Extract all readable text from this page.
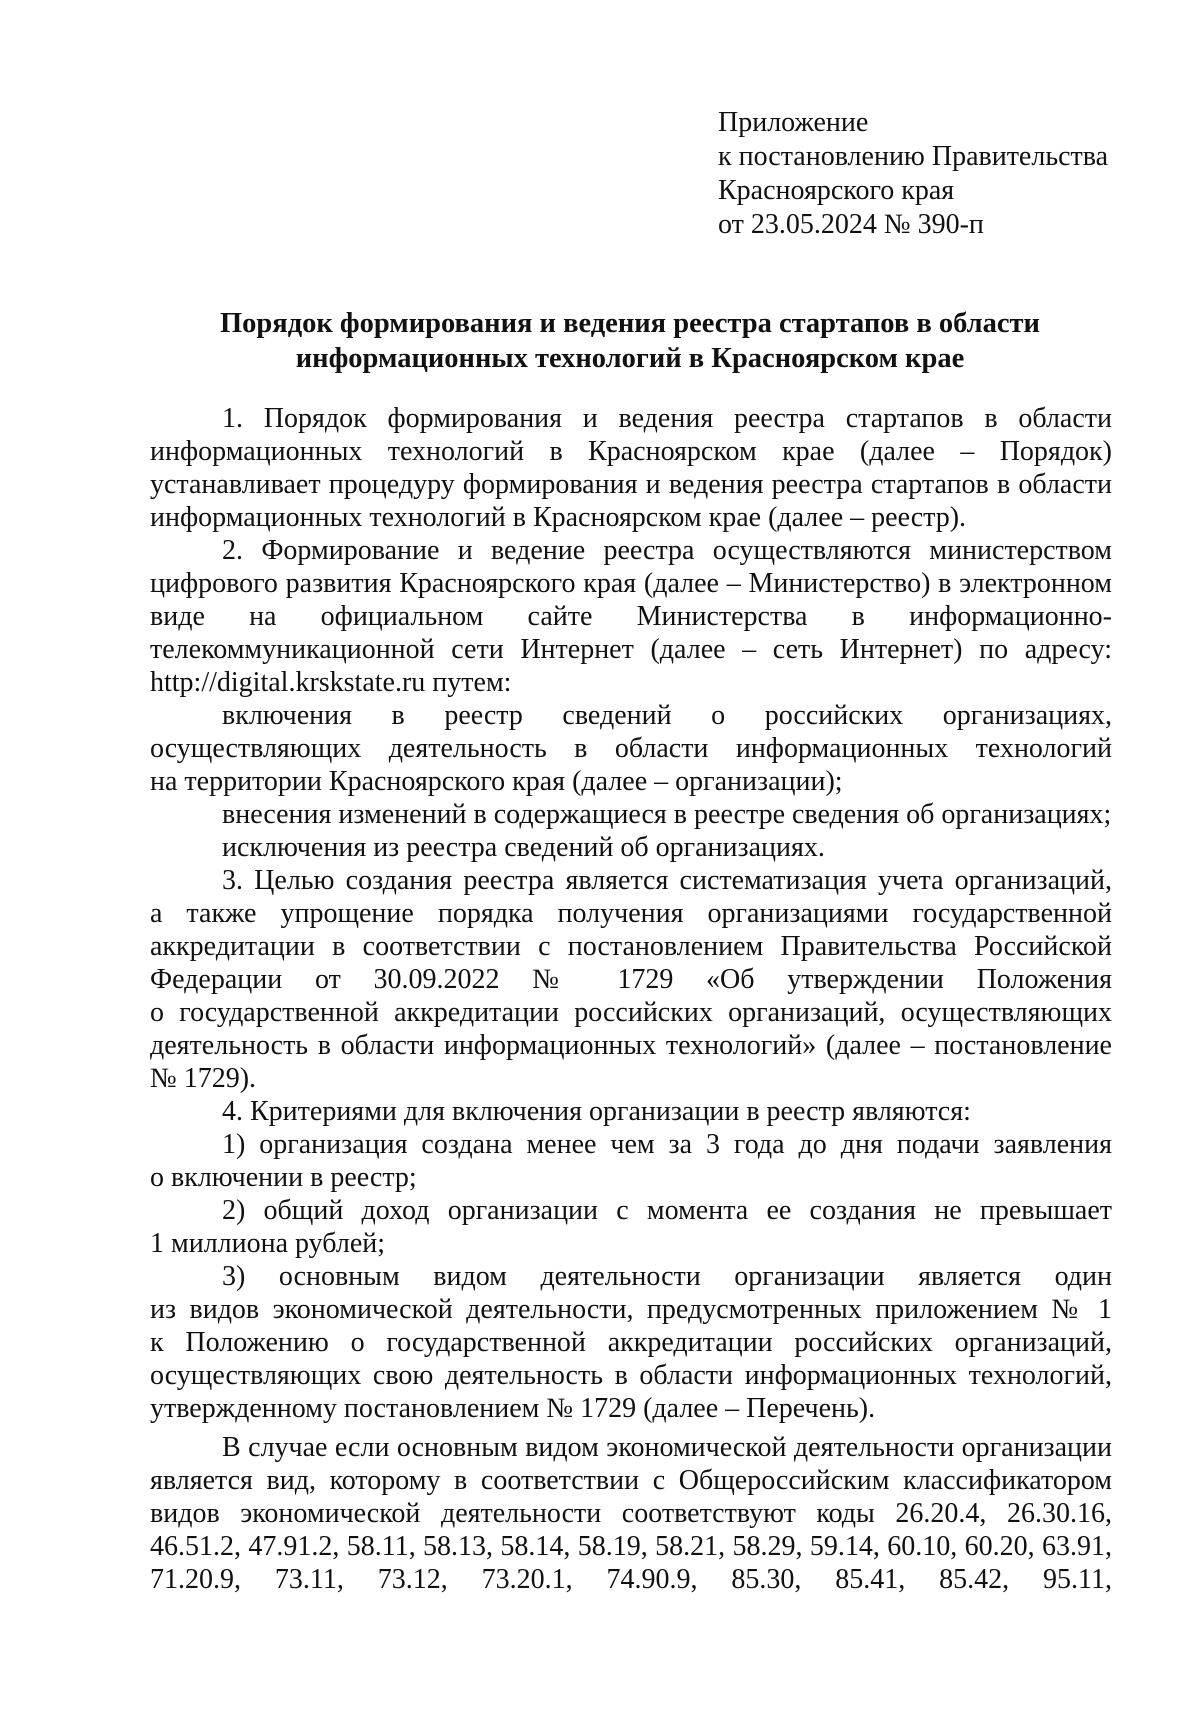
Приложение
к постановлению Правительства
Красноярского края
от 23.05.2024 № 390-п
Порядок формирования и ведения реестра стартапов в области
информационных технологий в Красноярском крае
1. Порядок формирования и ведения реестра стартапов в области
информационных технологий в Красноярском крае (далее – Порядок)
устанавливает процедуру формирования и ведения реестра стартапов в области
информационных технологий в Красноярском крае (далее – реестр).
2. Формирование и ведение реестра осуществляются министерством
цифрового развития Красноярского края (далее – Министерство) в электронном
виде на официальном сайте Министерства в информационно-
телекоммуникационной сети Интернет (далее – сеть Интернет) по адресу:
http://digital.krskstate.ru путем:
включения в реестр сведений о российских организациях,
осуществляющих деятельность в области информационных технологий
на территории Красноярского края (далее – организации);
внесения изменений в содержащиеся в реестре сведения об организациях;
исключения из реестра сведений об организациях.
3. Целью создания реестра является систематизация учета организаций,
а также упрощение порядка получения организациями государственной
аккредитации в соответствии с постановлением Правительства Российской
Федерации от 30.09.2022 № 1729 «Об утверждении Положения
о государственной аккредитации российских организаций, осуществляющих
деятельность в области информационных технологий» (далее – постановление
№ 1729).
4. Критериями для включения организации в реестр являются:
1) организация создана менее чем за 3 года до дня подачи заявления
о включении в реестр;
2) общий доход организации с момента ее создания не превышает
1 миллиона рублей;
3) основным видом деятельности организации является один
из видов экономической деятельности, предусмотренных приложением № 1
к Положению о государственной аккредитации российских организаций,
осуществляющих свою деятельность в области информационных технологий,
утвержденному постановлением № 1729 (далее – Перечень).
В случае если основным видом экономической деятельности организации
является вид, которому в соответствии с Общероссийским классификатором
видов экономической деятельности соответствуют коды 26.20.4, 26.30.16,
46.51.2, 47.91.2, 58.11, 58.13, 58.14, 58.19, 58.21, 58.29, 59.14, 60.10, 60.20, 63.91,
71.20.9, 73.11, 73.12, 73.20.1, 74.90.9, 85.30, 85.41, 85.42, 95.11,
